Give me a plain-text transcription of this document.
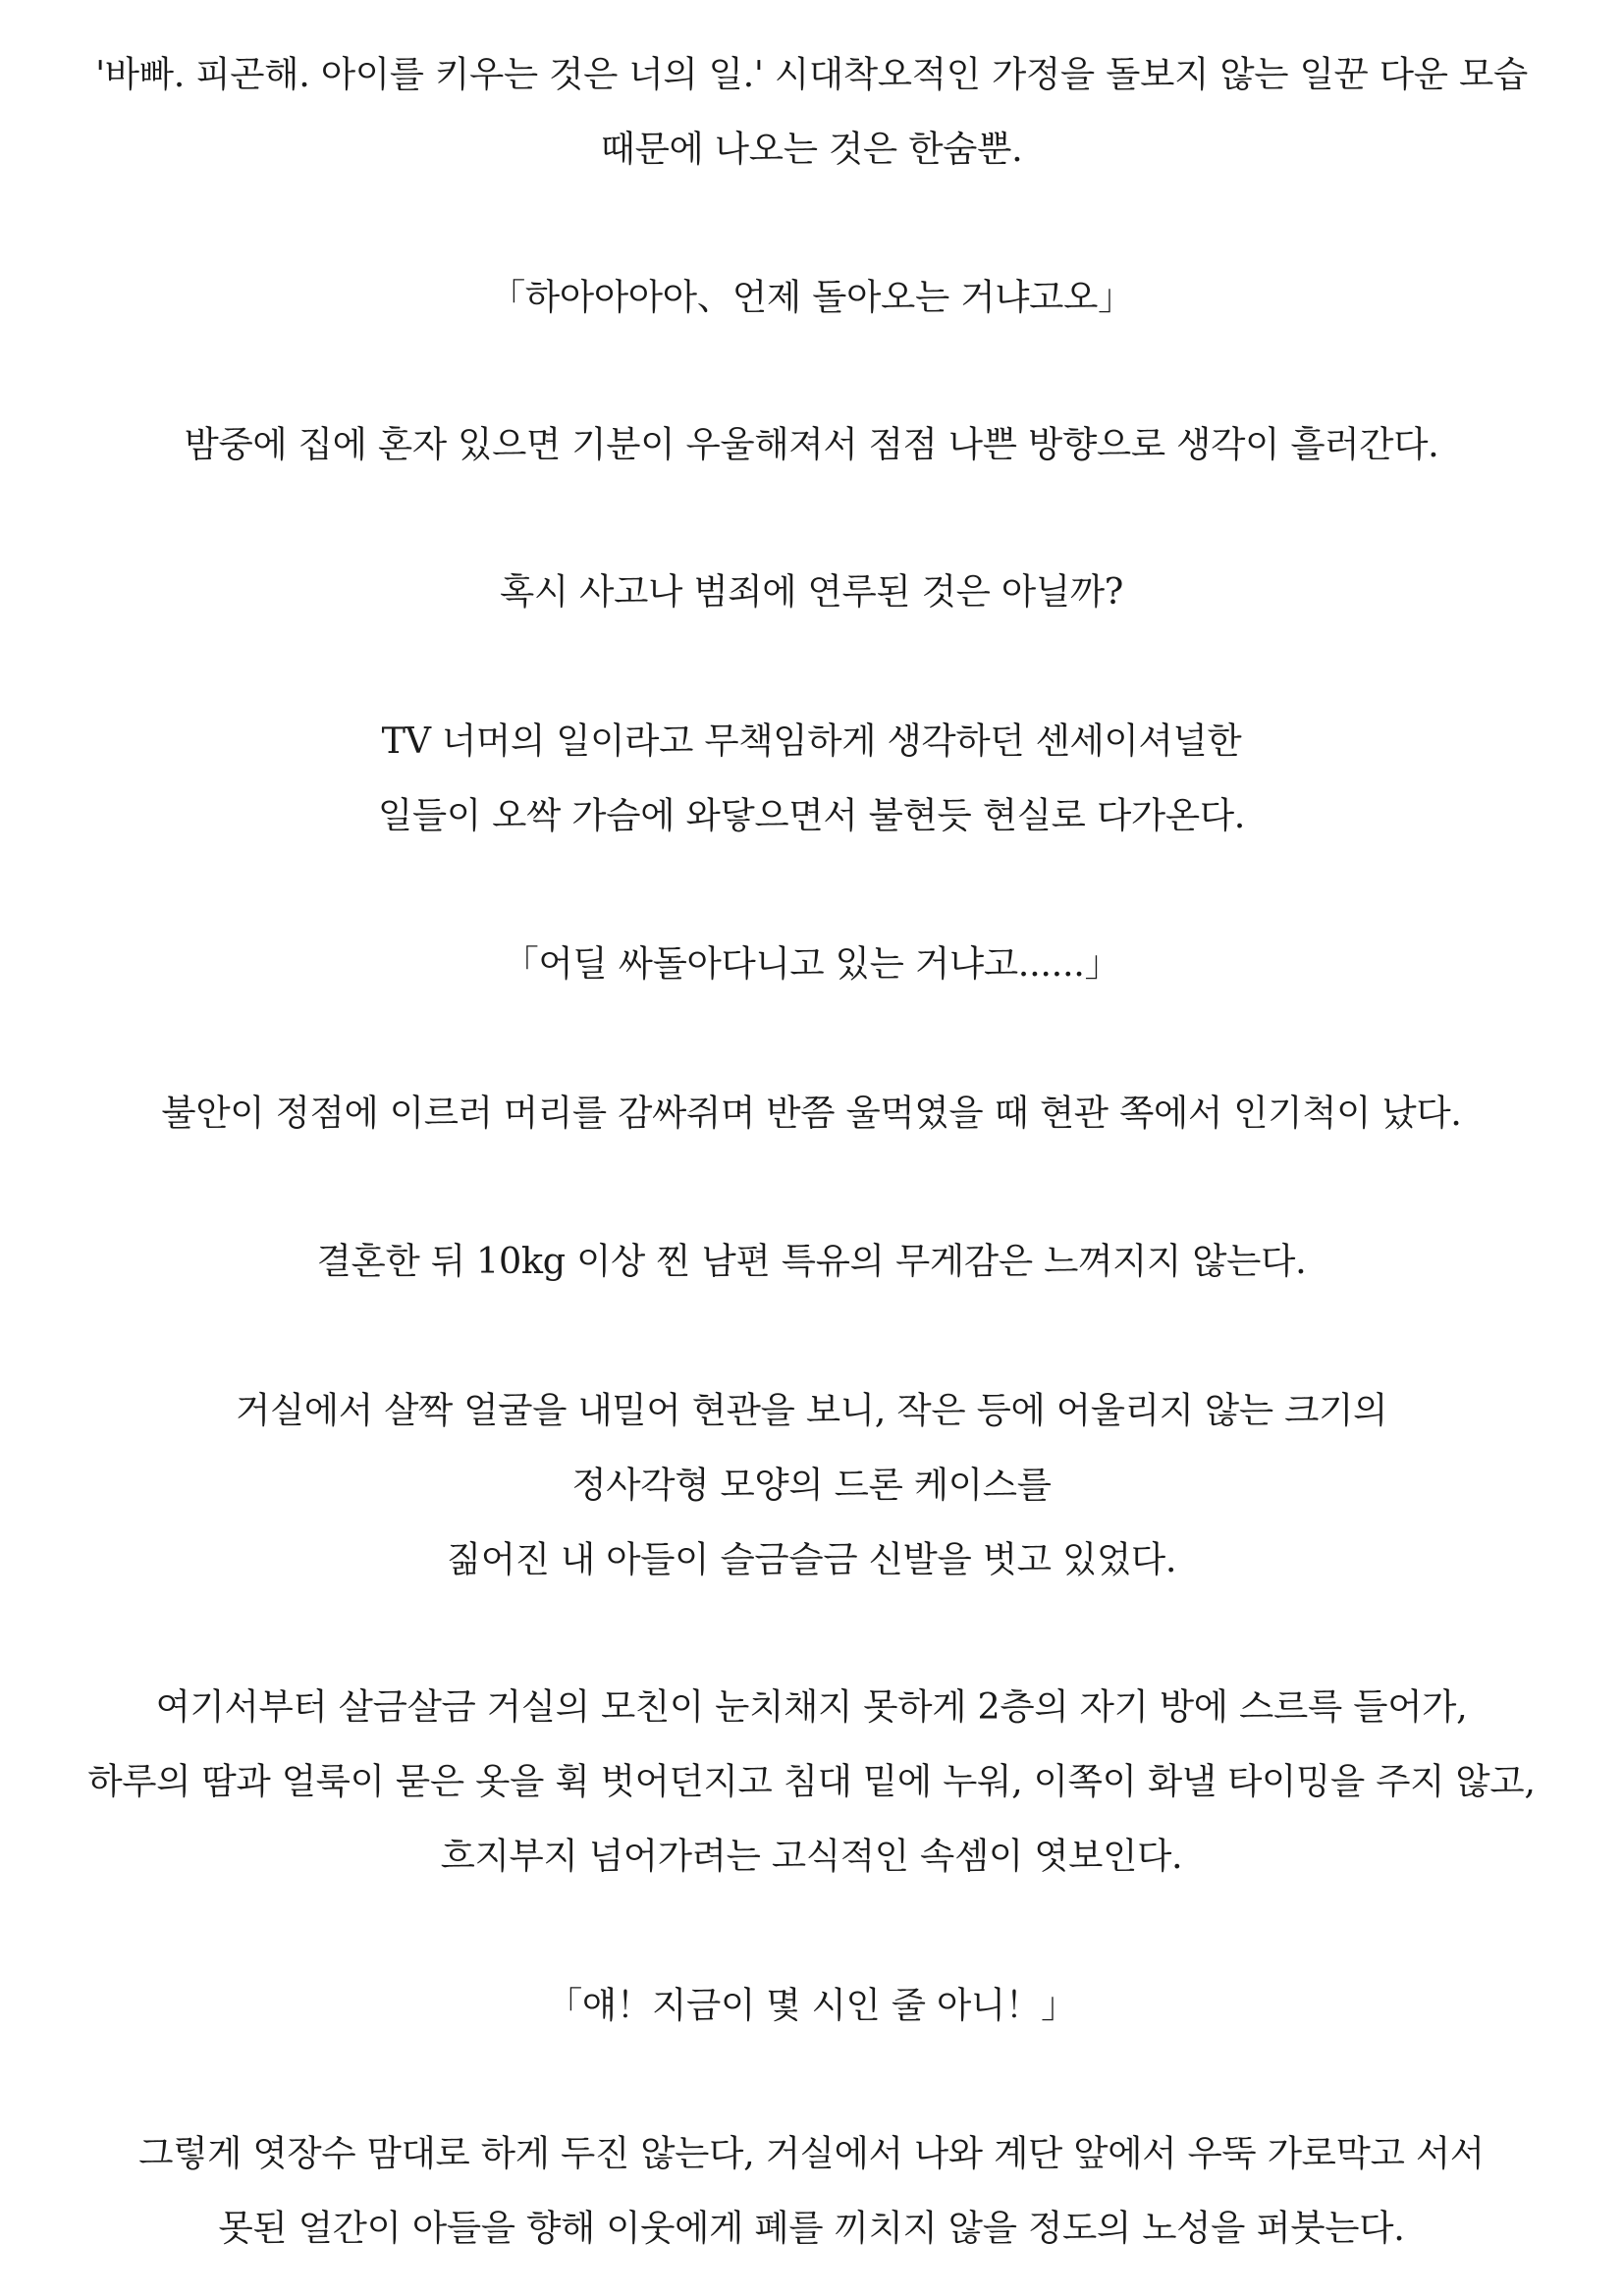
'바빠. 피곤해. 아이를 키우는 것은 너의 일.' 시대착오적인 가정을 돌보지 않는 일꾼 다운 모습
때문에 나오는 것은 한숨뿐.
「하아아아아、언제 돌아오는 거냐고오」
밤중에 집에 혼자 있으면 기분이 우울해져서 점점 나쁜 방향으로 생각이 흘러간다.
혹시 사고나 범죄에 연루된 것은 아닐까?
TV 너머의 일이라고 무책임하게 생각하던 센세이셔널한
일들이 오싹 가슴에 와닿으면서 불현듯 현실로 다가온다.
「어딜 싸돌아다니고 있는 거냐고......」
불안이 정점에 이르러 머리를 감싸쥐며 반쯤 울먹였을 때 현관 쪽에서 인기척이 났다.
결혼한 뒤 10kg 이상 찐 남편 특유의 무게감은 느껴지지 않는다.
거실에서 살짝 얼굴을 내밀어 현관을 보니, 작은 등에 어울리지 않는 크기의
정사각형 모양의 드론 케이스를
짊어진 내 아들이 슬금슬금 신발을 벗고 있었다.
여기서부터 살금살금 거실의 모친이 눈치채지 못하게 2층의 자기 방에 스르륵 들어가,
하루의 땀과 얼룩이 묻은 옷을 휙 벗어던지고 침대 밑에 누워, 이쪽이 화낼 타이밍을 주지 않고,
흐지부지 넘어가려는 고식적인 속셈이 엿보인다.
「얘！지금이 몇 시인 줄 아니！」
그렇게 엿장수 맘대로 하게 두진 않는다, 거실에서 나와 계단 앞에서 우뚝 가로막고 서서
못된 얼간이 아들을 향해 이웃에게 폐를 끼치지 않을 정도의 노성을 퍼붓는다.
